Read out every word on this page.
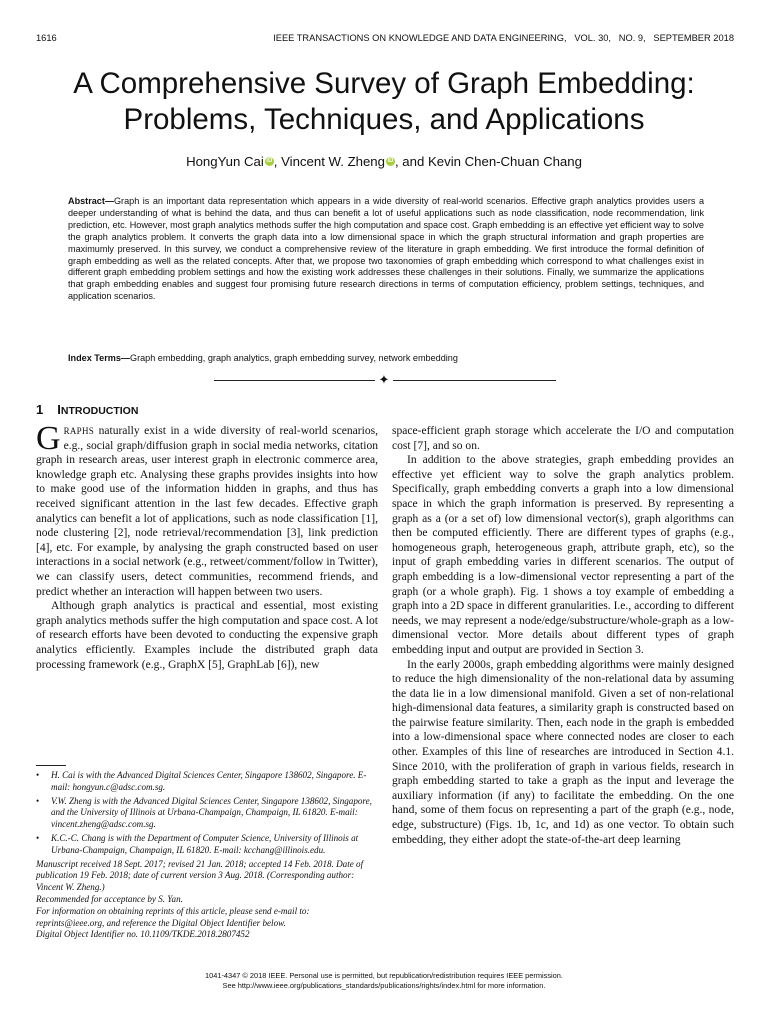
1616	IEEE TRANSACTIONS ON KNOWLEDGE AND DATA ENGINEERING,   VOL. 30,   NO. 9,   SEPTEMBER 2018
A Comprehensive Survey of Graph Embedding:
Problems, Techniques, and Applications
HongYun Cai iD , Vincent W. Zheng iD , and Kevin Chen-Chuan Chang
Abstract—Graph is an important data representation which appears in a wide diversity of real-world scenarios. Effective graph analytics provides users a deeper understanding of what is behind the data, and thus can benefit a lot of useful applications such as node classification, node recommendation, link prediction, etc. However, most graph analytics methods suffer the high computation and space cost. Graph embedding is an effective yet efficient way to solve the graph analytics problem. It converts the graph data into a low dimensional space in which the graph structural information and graph properties are maximumly preserved. In this survey, we conduct a comprehensive review of the literature in graph embedding. We first introduce the formal definition of graph embedding as well as the related concepts. After that, we propose two taxonomies of graph embedding which correspond to what challenges exist in different graph embedding problem settings and how the existing work addresses these challenges in their solutions. Finally, we summarize the applications that graph embedding enables and suggest four promising future research directions in terms of computation efficiency, problem settings, techniques, and application scenarios.
Index Terms—Graph embedding, graph analytics, graph embedding survey, network embedding
✦
1 INTRODUCTION

GRAPHS naturally exist in a wide diversity of real-world scenarios, e.g., social graph/diffusion graph in social media networks, citation graph in research areas, user interest graph in electronic commerce area, knowledge graph etc. Analysing these graphs provides insights into how to make good use of the information hidden in graphs, and thus has received significant attention in the last few decades. Effective graph analytics can benefit a lot of applications, such as node classification [1], node clustering [2], node retrieval/recommendation [3], link prediction [4], etc. For example, by analysing the graph constructed based on user interactions in a social network (e.g., retweet/comment/follow in Twitter), we can classify users, detect communities, recommend friends, and predict whether an interaction will happen between two users.

Although graph analytics is practical and essential, most existing graph analytics methods suffer the high computation and space cost. A lot of research efforts have been devoted to conducting the expensive graph analytics efficiently. Examples include the distributed graph data processing framework (e.g., GraphX [5], GraphLab [6]), new

space-efficient graph storage which accelerate the I/O and computation cost [7], and so on.

In addition to the above strategies, graph embedding provides an effective yet efficient way to solve the graph analytics problem. Specifically, graph embedding converts a graph into a low dimensional space in which the graph information is preserved. By representing a graph as a (or a set of) low dimensional vector(s), graph algorithms can then be computed efficiently. There are different types of graphs (e.g., homogeneous graph, heterogeneous graph, attribute graph, etc), so the input of graph embedding varies in different scenarios. The output of graph embedding is a low-dimensional vector representing a part of the graph (or a whole graph). Fig. 1 shows a toy example of embedding a graph into a 2D space in different granularities. I.e., according to different needs, we may represent a node/edge/substructure/whole-graph as a low-dimensional vector. More details about different types of graph embedding input and output are provided in Section 3.

In the early 2000s, graph embedding algorithms were mainly designed to reduce the high dimensionality of the non-relational data by assuming the data lie in a low dimensional manifold. Given a set of non-relational high-dimensional data features, a similarity graph is constructed based on the pairwise feature similarity. Then, each node in the graph is embedded into a low-dimensional space where connected nodes are closer to each other. Examples of this line of researches are introduced in Section 4.1. Since 2010, with the proliferation of graph in various fields, research in graph embedding started to take a graph as the input and leverage the auxiliary information (if any) to facilitate the embedding. On the one hand, some of them focus on representing a part of the graph (e.g., node, edge, substructure) (Figs. 1b, 1c, and 1d) as one vector. To obtain such embedding, they either adopt the state-of-the-art deep learning

• H. Cai is with the Advanced Digital Sciences Center, Singapore 138602, Singapore. E-mail: hongyun.c@adsc.com.sg.
• V.W. Zheng is with the Advanced Digital Sciences Center, Singapore 138602, Singapore, and the University of Illinois at Urbana-Champaign, Champaign, IL 61820. E-mail: vincent.zheng@adsc.com.sg.
• K.C.-C. Chang is with the Department of Computer Science, University of Illinois at Urbana-Champaign, Champaign, IL 61820. E-mail: kcchang@illinois.edu.
Manuscript received 18 Sept. 2017; revised 21 Jan. 2018; accepted 14 Feb. 2018. Date of publication 19 Feb. 2018; date of current version 3 Aug. 2018. (Corresponding author: Vincent W. Zheng.)
Recommended for acceptance by S. Yan.
For information on obtaining reprints of this article, please send e-mail to: reprints@ieee.org, and reference the Digital Object Identifier below.
Digital Object Identifier no. 10.1109/TKDE.2018.2807452
1041-4347 © 2018 IEEE. Personal use is permitted, but republication/redistribution requires IEEE permission.
See http://www.ieee.org/publications_standards/publications/rights/index.html for more information.
